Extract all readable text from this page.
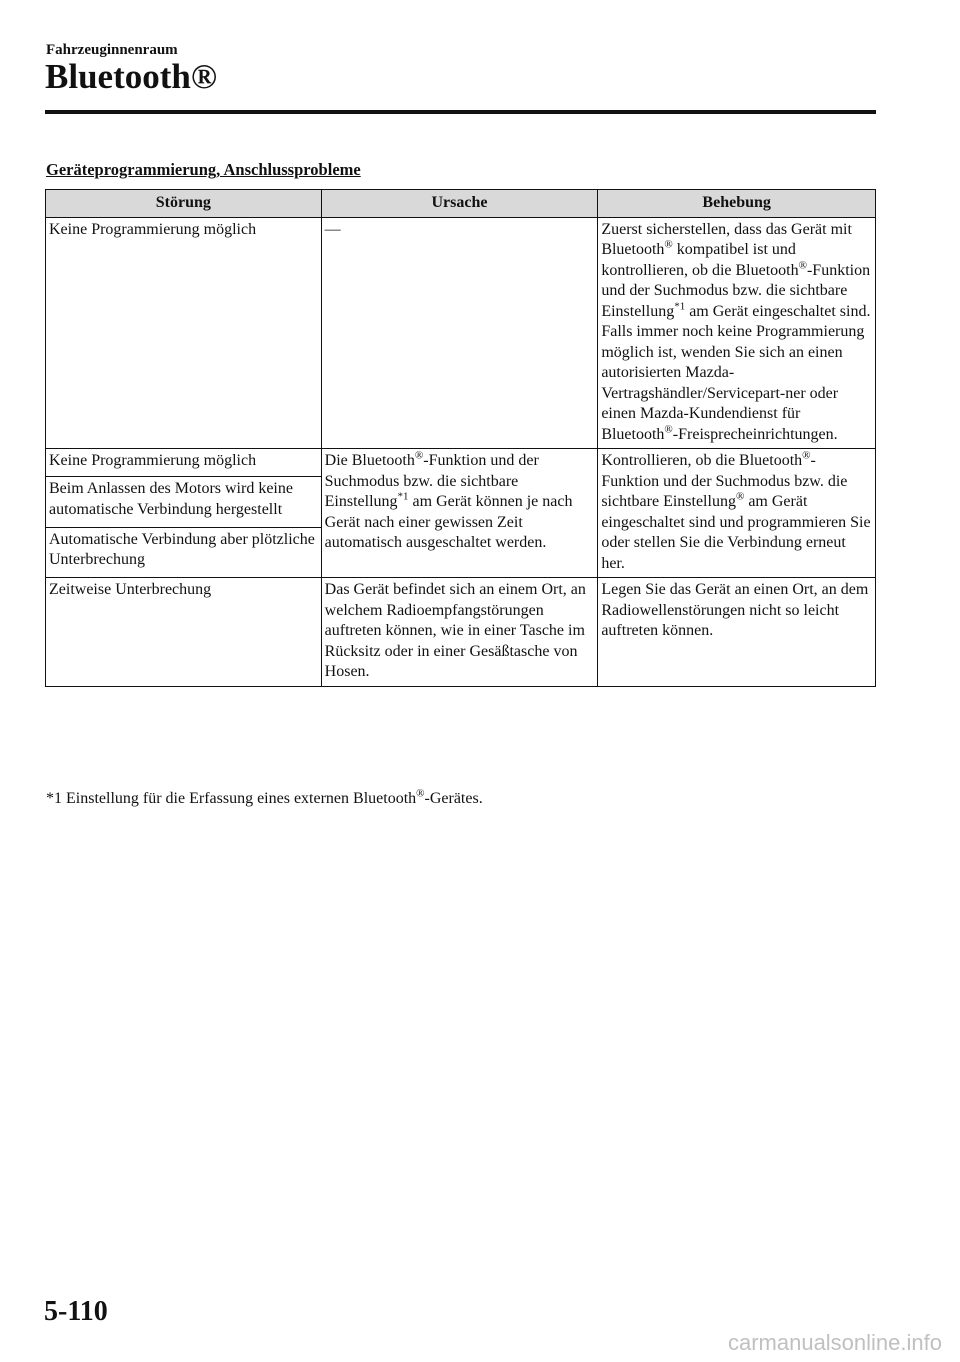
Fahrzeuginnenraum
Bluetooth®
Geräteprogrammierung, Anschlussprobleme
Störung	Ursache	Behebung
Keine Programmierung möglich	—	Zuerst sicherstellen, dass das Gerät mit Bluetooth® kompatibel ist und kontrollieren, ob die Bluetooth®-Funktion und der Suchmodus bzw. die sichtbare Einstellung$^{*1}$ am Gerät eingeschaltet sind. Falls immer noch keine Programmierung möglich ist, wenden Sie sich an einen autorisierten Mazda-Vertragshändler/Servicepart-ner oder einen Mazda-Kundendienst für Bluetooth®-Freisprecheinrichtungen.
Keine Programmierung möglich	Die Bluetooth®-Funktion und der Suchmodus bzw. die sichtbare Einstellung$^{*1}$ am Gerät können je nach Gerät nach einer gewissen Zeit automatisch ausgeschaltet werden.	Kontrollieren, ob die Bluetooth®-Funktion und der Suchmodus bzw. die sichtbare Einstellung® am Gerät eingeschaltet sind und programmieren Sie oder stellen Sie die Verbindung erneut her.
Beim Anlassen des Motors wird keine automatische Verbindung hergestellt		
Automatische Verbindung aber plötzliche Unterbrechung		
Zeitweise Unterbrechung	Das Gerät befindet sich an einem Ort, an welchem Radioempfangstörungen auftreten können, wie in einer Tasche im Rücksitz oder in einer Gesäßtasche von Hosen.	Legen Sie das Gerät an einen Ort, an dem Radiowellenstörungen nicht so leicht auftreten können.
*1 Einstellung für die Erfassung eines externen Bluetooth®-Gerätes.
5-110
carmanualsonline.info
